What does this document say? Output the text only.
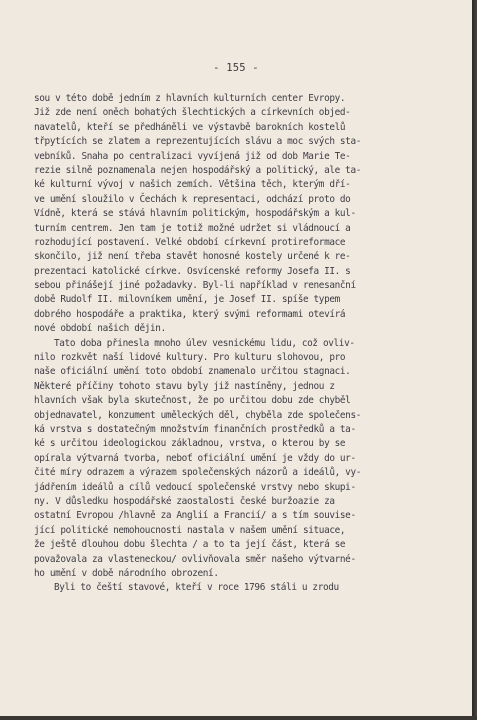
- 155 -
sou v této době jedním z hlavních kulturních center Evropy.
Již zde není oněch bohatých šlechtických a církevních objed-
navatelů, kteří se předháněli ve výstavbě barokních kostelů
třpytících se zlatem a reprezentujících slávu a moc svých sta-
vebníků. Snaha po centralizaci vyvíjená již od dob Marie Te-
rezie silně poznamenala nejen hospodářský a politický, ale ta-
ké kulturní vývoj v našich zemích. Většina těch, kterým dří-
ve umění sloužilo v Čechách k representaci, odchází proto do
Vídně, která se stává hlavním politickým, hospodářským a kul-
turním centrem. Jen tam je totiž možné udržet si vládnoucí a
rozhodující postavení. Velké období církevní protireformace
skončilo, již není třeba stavět honosné kostely určené k re-
prezentaci katolické církve. Osvícenské reformy Josefa II. s
sebou přinášejí jiné požadavky. Byl-li například v renesanční
době Rudolf II. milovníkem umění, je Josef II. spíše typem
dobrého hospodáře a praktika, který svými reformami otevírá
nové období našich dějin.
Tato doba přinesla mnoho úlev vesnickému lidu, což ovliv-
nilo rozkvět naší lidové kultury. Pro kulturu slohovou, pro
naše oficiální umění toto období znamenalo určitou stagnaci.
Některé příčiny tohoto stavu byly již nastíněny, jednou z
hlavních však byla skutečnost, že po určitou dobu zde chyběl
objednavatel, konzument uměleckých děl, chyběla zde společens-
ká vrstva s dostatečným množstvím finančních prostředků a ta-
ké s určitou ideologickou základnou, vrstva, o kterou by se
opírala výtvarná tvorba, neboť oficiální umění je vždy do ur-
čité míry odrazem a výrazem společenských názorů a ideálů, vy-
jádřením ideálů a cílů vedoucí společenské vrstvy nebo skupi-
ny. V důsledku hospodářské zaostalosti české buržoazie za
ostatní Evropou /hlavně za Anglií a Francií/ a s tím souvise-
jící politické nemohoucnosti nastala v našem umění situace,
že ještě dlouhou dobu šlechta / a to ta její část, která se
považovala za vlasteneckou/ ovlivňovala směr našeho výtvarné-
ho umění v době národního obrození.
Byli to čeští stavové, kteří v roce 1796 stáli u zrodu
